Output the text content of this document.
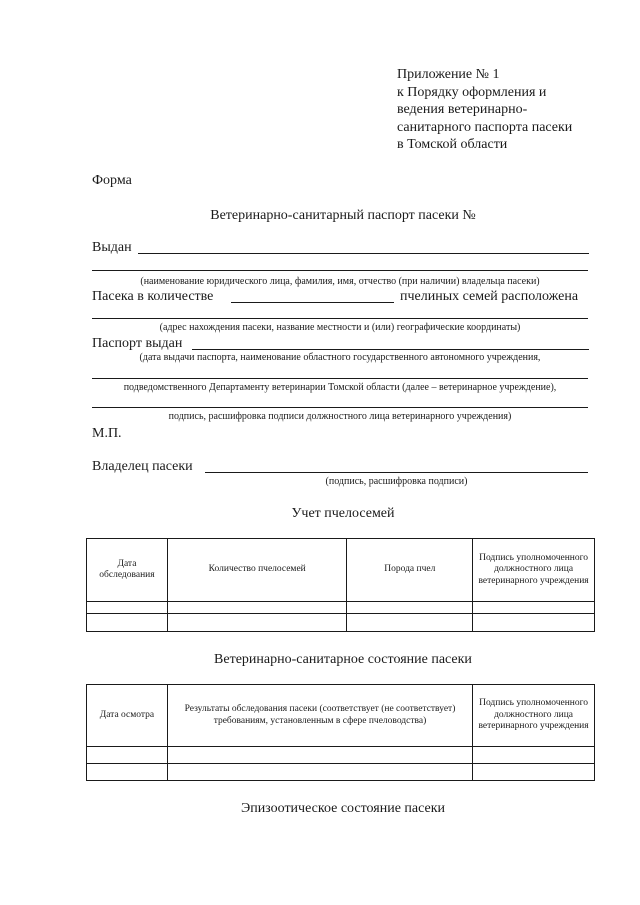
Приложение № 1
к Порядку оформления и
ведения ветеринарно-
санитарного паспорта пасеки
в Томской области
Форма
Ветеринарно-санитарный паспорт пасеки №
Выдан
(наименование юридического лица, фамилия, имя, отчество (при наличии) владельца пасеки)
Пасека в количестве	пчелиных семей расположена
(адрес нахождения пасеки, название местности и (или) географические координаты)
Паспорт выдан
(дата выдачи паспорта, наименование областного государственного автономного учреждения,
подведомственного Департаменту ветеринарии Томской области (далее – ветеринарное учреждение),
подпись, расшифровка подписи должностного лица ветеринарного учреждения)
М.П.
Владелец пасеки
(подпись, расшифровка подписи)
Учет пчелосемей
Дата обследования	Количество пчелосемей	Порода пчел	Подпись уполномоченного должностного лица ветеринарного учреждения

Ветеринарно-санитарное состояние пасеки
Дата осмотра	Результаты обследования пасеки (соответствует (не соответствует) требованиям, установленным в сфере пчеловодства)	Подпись уполномоченного должностного лица ветеринарного учреждения

Эпизоотическое состояние пасеки
